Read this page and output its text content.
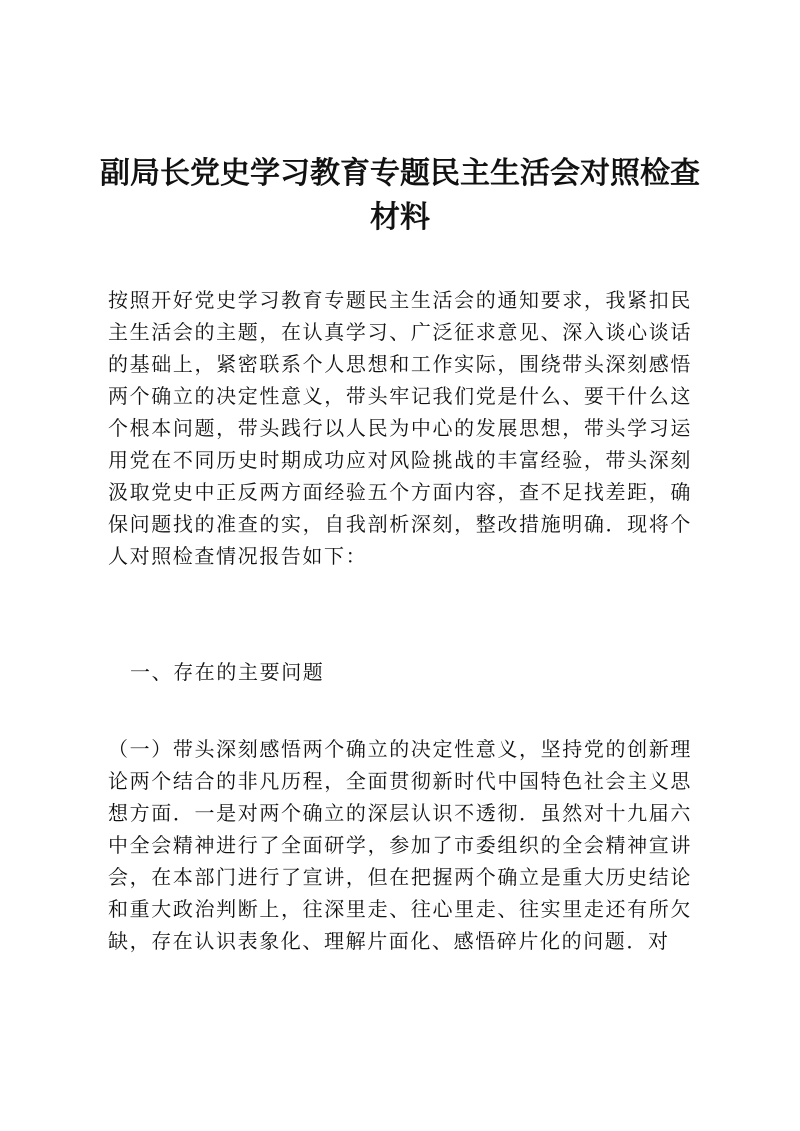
副局长党史学习教育专题民主生活会对照检查材料

按照开好党史学习教育专题民主生活会的通知要求，我紧扣民主生活会的主题，在认真学习、广泛征求意见、深入谈心谈话的基础上，紧密联系个人思想和工作实际，围绕带头深刻感悟两个确立的决定性意义，带头牢记我们党是什么、要干什么这个根本问题，带头践行以人民为中心的发展思想，带头学习运用党在不同历史时期成功应对风险挑战的丰富经验，带头深刻汲取党史中正反两方面经验五个方面内容，查不足找差距，确保问题找的准查的实，自我剖析深刻，整改措施明确．现将个人对照检查情况报告如下：

一、存在的主要问题

（一）带头深刻感悟两个确立的决定性意义，坚持党的创新理论两个结合的非凡历程，全面贯彻新时代中国特色社会主义思想方面．一是对两个确立的深层认识不透彻．虽然对十九届六中全会精神进行了全面研学，参加了市委组织的全会精神宣讲会，在本部门进行了宣讲，但在把握两个确立是重大历史结论和重大政治判断上，往深里走、往心里走、往实里走还有所欠缺，存在认识表象化、理解片面化、感悟碎片化的问题．对
